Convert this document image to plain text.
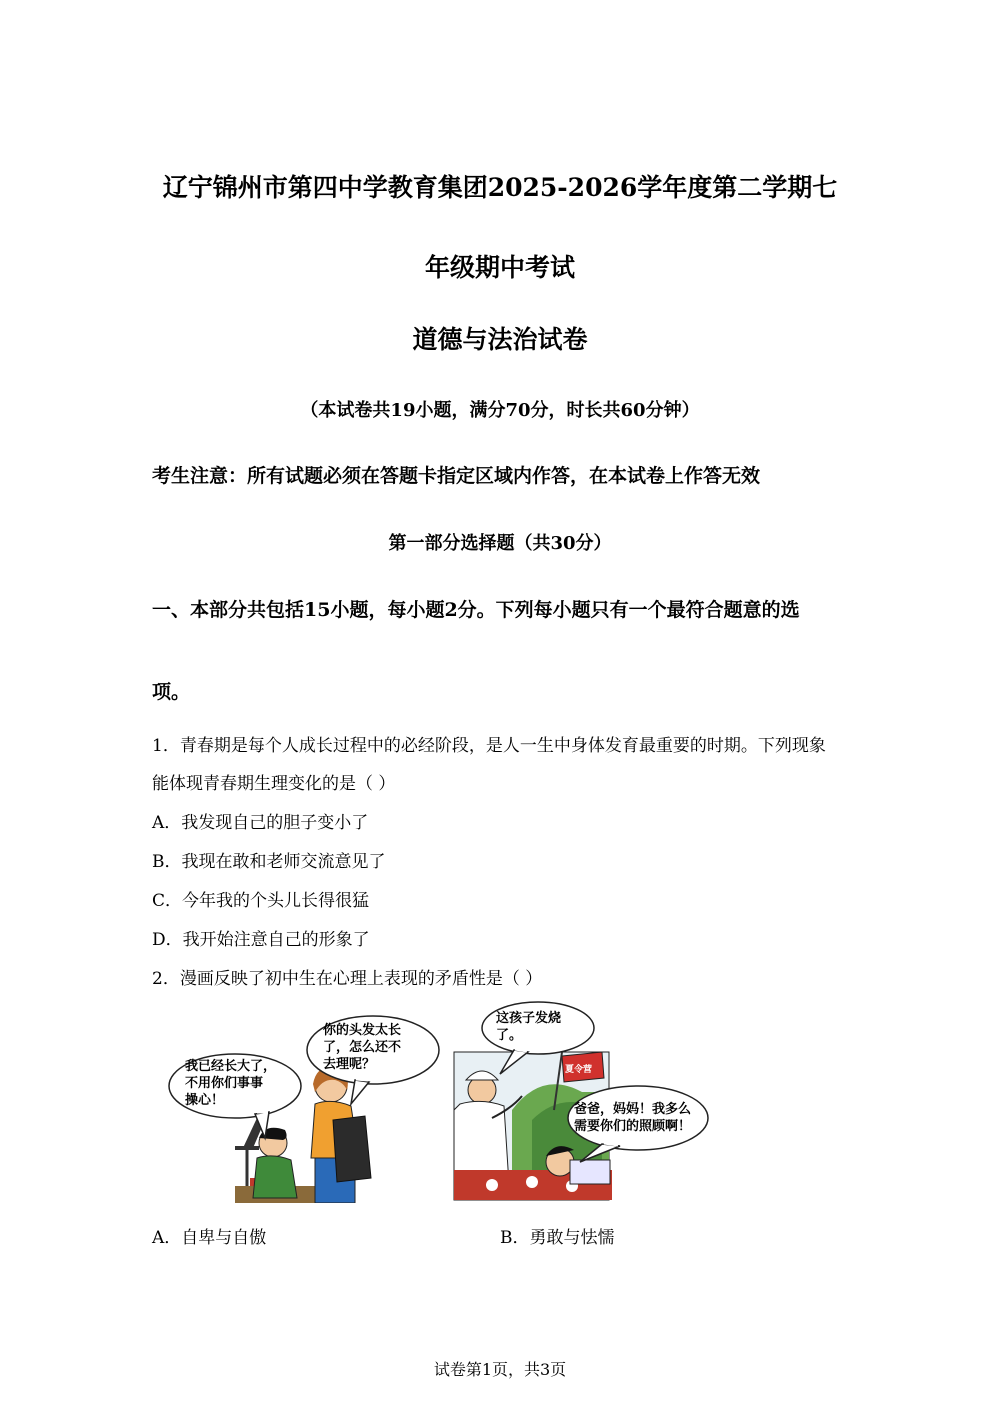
辽宁锦州市第四中学教育集团2025-2026学年度第二学期七
年级期中考试
道德与法治试卷
（本试卷共19小题，满分70分，时长共60分钟）
考生注意：所有试题必须在答题卡指定区域内作答，在本试卷上作答无效
第一部分选择题（共30分）
一、本部分共包括15小题，每小题2分。下列每小题只有一个最符合题意的选
项。
1．青春期是每个人成长过程中的必经阶段，是人一生中身体发育最重要的时期。下列现象
能体现青春期生理变化的是（ ）
A．我发现自己的胆子变小了
B．我现在敢和老师交流意见了
C．今年我的个头儿长得很猛
D．我开始注意自己的形象了
2．漫画反映了初中生在心理上表现的矛盾性是（ ）
我已经长大了，
不用你们事事
操心！
你的头发太长
了，怎么还不
去理呢？	夏令营
这孩子发烧
了。
爸爸，妈妈！我多么
需要你们的照顾啊！
A．自卑与自傲	B．勇敢与怯懦
试卷第1页，共3页
